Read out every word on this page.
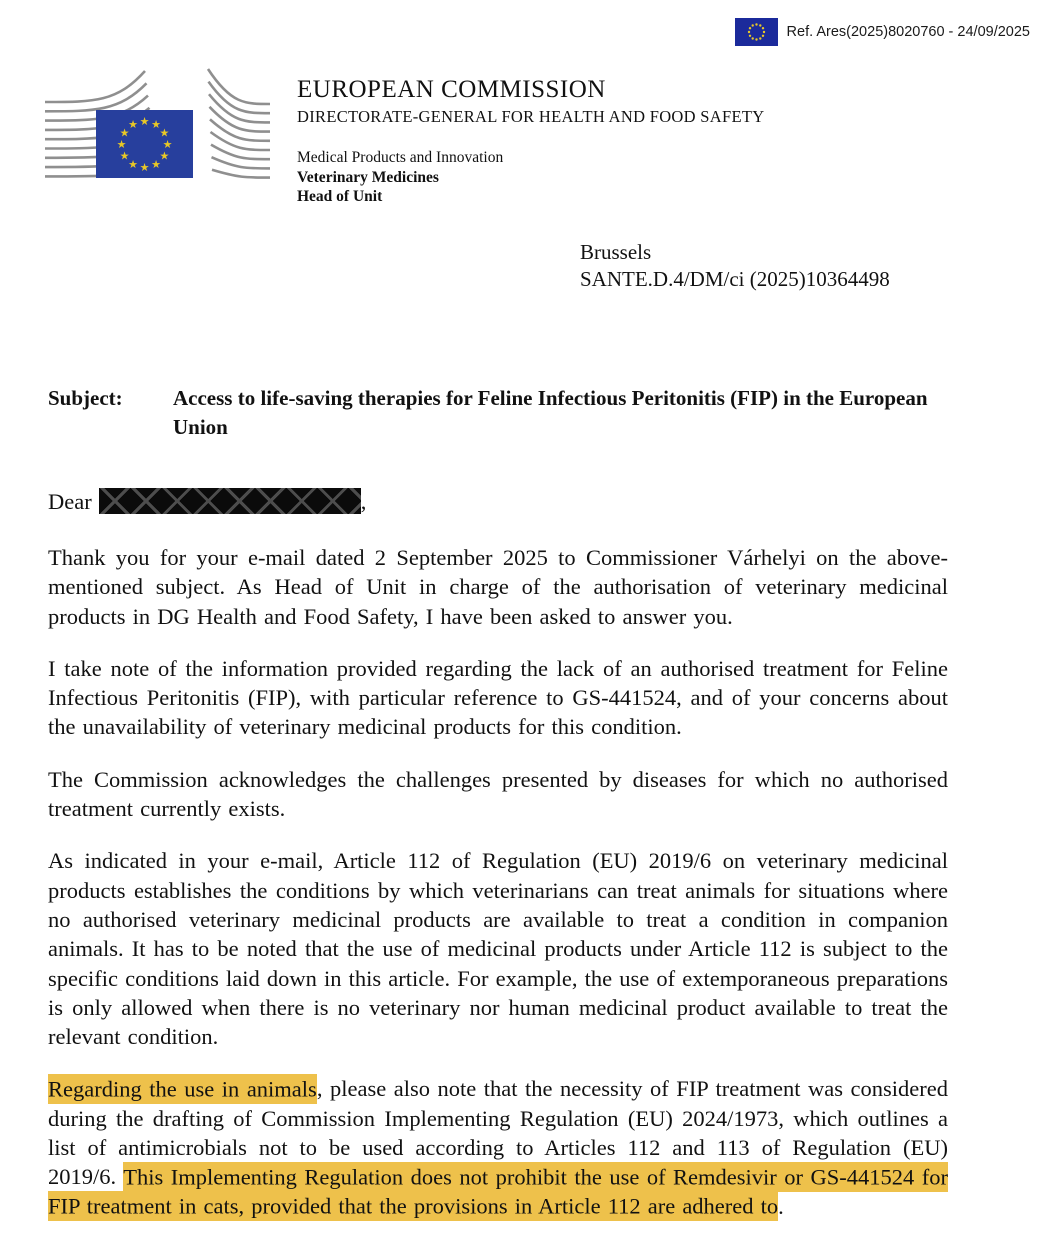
Ref. Ares(2025)8020760 - 24/09/2025
★ ★
★
★
★
★
★
★
★
★
★
★
EUROPEAN COMMISSION
DIRECTORATE-GENERAL FOR HEALTH AND FOOD SAFETY
Medical Products and Innovation
Veterinary Medicines
Head of Unit
Brussels
SANTE.D.4/DM/ci (2025)10364498
Subject:	Access to life-saving therapies for Feline Infectious Peritonitis (FIP) in the European Union
Dear	,

Thank you for your e-mail dated 2 September 2025 to Commissioner Várhelyi on the above-mentioned subject. As Head of Unit in charge of the authorisation of veterinary medicinal products in DG Health and Food Safety, I have been asked to answer you.

I take note of the information provided regarding the lack of an authorised treatment for Feline Infectious Peritonitis (FIP), with particular reference to GS-441524, and of your concerns about the unavailability of veterinary medicinal products for this condition.

The Commission acknowledges the challenges presented by diseases for which no authorised treatment currently exists.

As indicated in your e-mail, Article 112 of Regulation (EU) 2019/6 on veterinary medicinal products establishes the conditions by which veterinarians can treat animals for situations where no authorised veterinary medicinal products are available to treat a condition in companion animals. It has to be noted that the use of medicinal products under Article 112 is subject to the specific conditions laid down in this article. For example, the use of extemporaneous preparations is only allowed when there is no veterinary nor human medicinal product available to treat the relevant condition.

Regarding the use in animals, please also note that the necessity of FIP treatment was considered during the drafting of Commission Implementing Regulation (EU) 2024/1973, which outlines a list of antimicrobials not to be used according to Articles 112 and 113 of Regulation (EU) 2019/6. This Implementing Regulation does not prohibit the use of Remdesivir or GS-441524 for FIP treatment in cats, provided that the provisions in Article 112 are adhered to.
